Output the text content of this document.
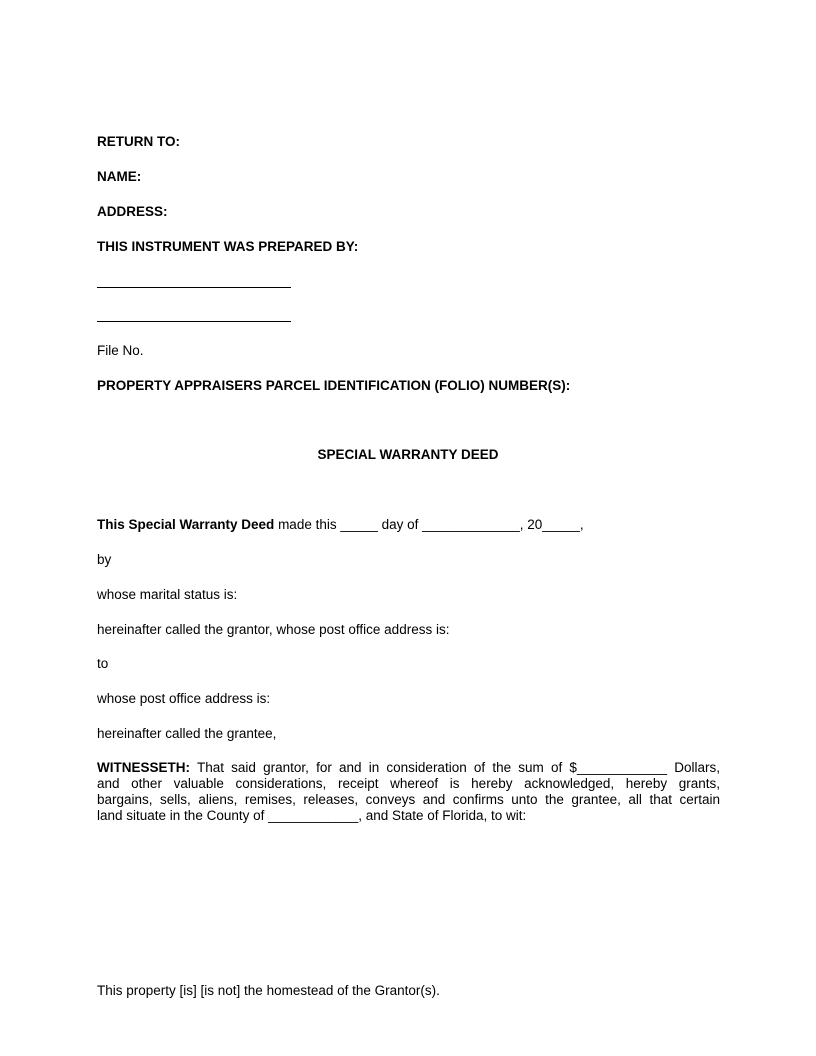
RETURN TO:
NAME:
ADDRESS:
THIS INSTRUMENT WAS PREPARED BY:
File No.
PROPERTY APPRAISERS PARCEL IDENTIFICATION (FOLIO) NUMBER(S):
SPECIAL WARRANTY DEED
This Special Warranty Deed made this _____ day of _____________, 20_____,
by
whose marital status is:
hereinafter called the grantor, whose post office address is:
to
whose post office address is:
hereinafter called the grantee,
WITNESSETH: That said grantor, for and in consideration of the sum of $____________ Dollars,
and other valuable considerations, receipt whereof is hereby acknowledged, hereby grants,
bargains, sells, aliens, remises, releases, conveys and confirms unto the grantee, all that certain
land situate in the County of ____________, and State of Florida, to wit:
This property [is] [is not] the homestead of the Grantor(s).
